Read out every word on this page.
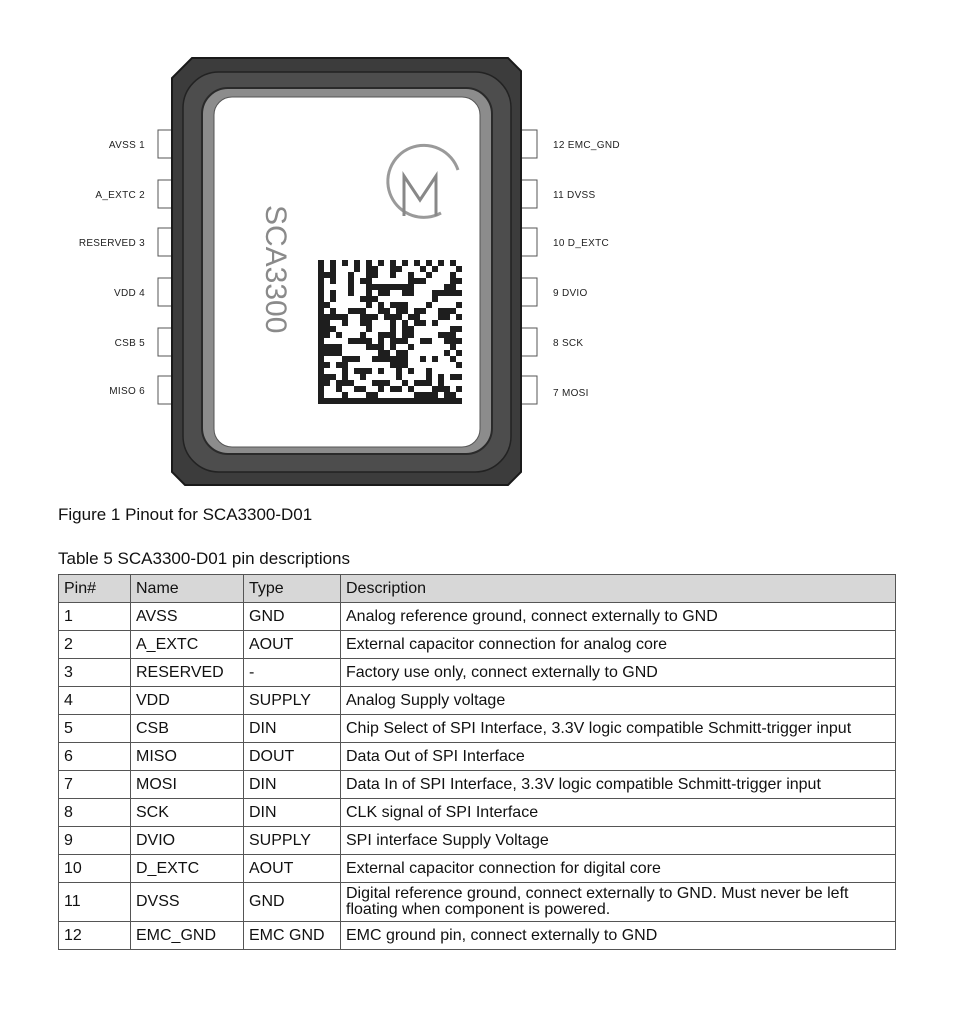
SCA3300
AVSS 1
A_EXTC 2
RESERVED 3
VDD 4
CSB 5
MISO 6
12 EMC_GND
11 DVSS
10 D_EXTC
9 DVIO
8 SCK
7 MOSI
Figure 1 Pinout for SCA3300-D01
Table 5 SCA3300-D01 pin descriptions
Pin#	Name	Type	Description
1	AVSS	GND	Analog reference ground, connect externally to GND
2	A_EXTC	AOUT	External capacitor connection for analog core
3	RESERVED	-	Factory use only, connect externally to GND
4	VDD	SUPPLY	Analog Supply voltage
5	CSB	DIN	Chip Select of SPI Interface, 3.3V logic compatible Schmitt-trigger input
6	MISO	DOUT	Data Out of SPI Interface
7	MOSI	DIN	Data In of SPI Interface, 3.3V logic compatible Schmitt-trigger input
8	SCK	DIN	CLK signal of SPI Interface
9	DVIO	SUPPLY	SPI interface Supply Voltage
10	D_EXTC	AOUT	External capacitor connection for digital core
11	DVSS	GND	Digital reference ground, connect externally to GND. Must never be left floating when component is powered.
12	EMC_GND	EMC GND	EMC ground pin, connect externally to GND
